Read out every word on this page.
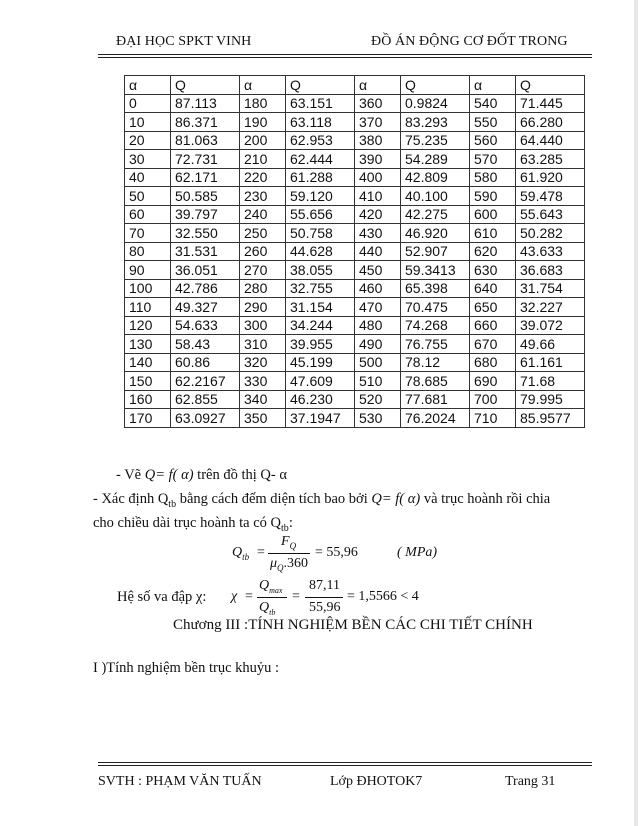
ĐẠI HỌC SPKT VINH	ĐỒ ÁN ĐỘNG CƠ ĐỐT TRONG
α	Q	α	Q	α	Q	α	Q
0	87.113	180	63.151	360	0.9824	540	71.445
10	86.371	190	63.118	370	83.293	550	66.280
20	81.063	200	62.953	380	75.235	560	64.440
30	72.731	210	62.444	390	54.289	570	63.285
40	62.171	220	61.288	400	42.809	580	61.920
50	50.585	230	59.120	410	40.100	590	59.478
60	39.797	240	55.656	420	42.275	600	55.643
70	32.550	250	50.758	430	46.920	610	50.282
80	31.531	260	44.628	440	52.907	620	43.633
90	36.051	270	38.055	450	59.3413	630	36.683
100	42.786	280	32.755	460	65.398	640	31.754
110	49.327	290	31.154	470	70.475	650	32.227
120	54.633	300	34.244	480	74.268	660	39.072
130	58.43	310	39.955	490	76.755	670	49.66
140	60.86	320	45.199	500	78.12	680	61.161
150	62.2167	330	47.609	510	78.685	690	71.68
160	62.855	340	46.230	520	77.681	700	79.995
170	63.0927	350	37.1947	530	76.2024	710	85.9577
- Vẽ Q= f( α) trên đồ thị Q- α
- Xác định $Q_{tb}$ bằng cách đếm diện tích bao bởi Q= f( α) và trục hoành rồi chia
cho chiều dài trục hoành ta có $Q_{tb}$:
$Q_{tb}$ =
$F_Q$
$\mu_Q.360$
= 55,96	( MPa)
Hệ số va đập χ: χ =
$Q_{max}$
$Q_{tb}$
=
87,11
55,96
= 1,5566 < 4
Chương III :TÍNH NGHIỆM BỀN CÁC CHI TIẾT CHÍNH
I )Tính nghiệm bền trục khuỷu :
SVTH : PHẠM VĂN TUẤN	Lớp ĐHOTOK7	Trang 31
